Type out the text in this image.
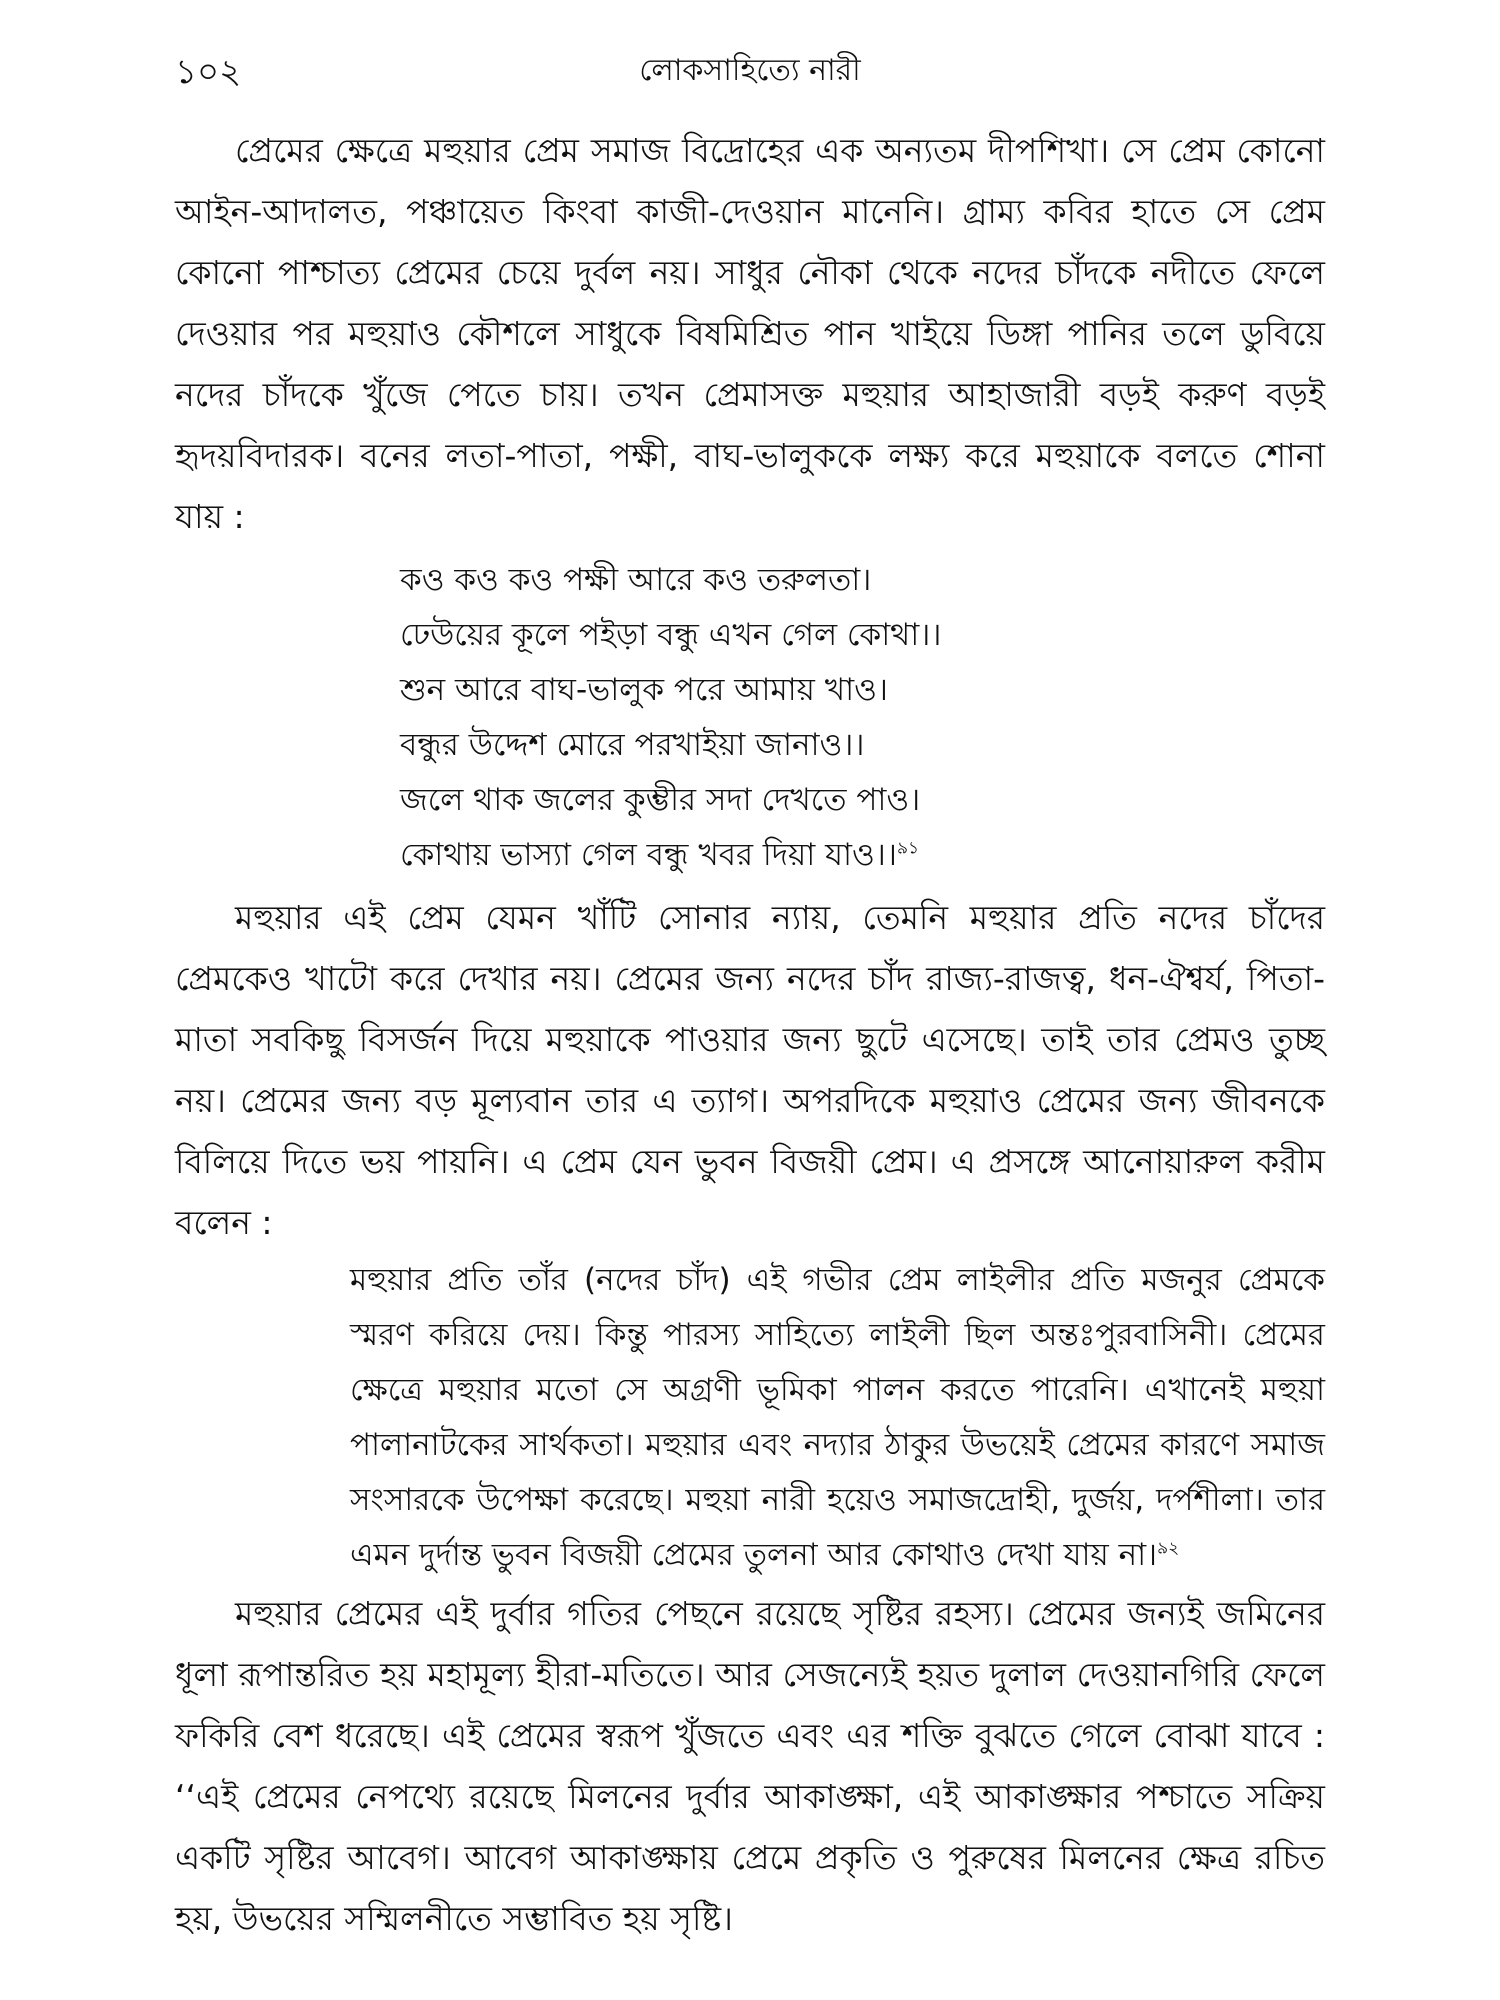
১০২	লোকসাহিত্যে নারী

প্রেমের ক্ষেত্রে মহুয়ার প্রেম সমাজ বিদ্রোহের এক অন্যতম দীপশিখা। সে প্রেম কোনো আইন-আদালত, পঞ্চায়েত কিংবা কাজী-দেওয়ান মানেনি। গ্রাম্য কবির হাতে সে প্রেম কোনো পাশ্চাত্য প্রেমের চেয়ে দুর্বল নয়। সাধুর নৌকা থেকে নদের চাঁদকে নদীতে ফেলে দেওয়ার পর মহুয়াও কৌশলে সাধুকে বিষমিশ্রিত পান খাইয়ে ডিঙ্গা পানির তলে ডুবিয়ে নদের চাঁদকে খুঁজে পেতে চায়। তখন প্রেমাসক্ত মহুয়ার আহাজারী বড়ই করুণ বড়ই হৃদয়বিদারক। বনের লতা-পাতা, পক্ষী, বাঘ-ভালুককে লক্ষ্য করে মহুয়াকে বলতে শোনা যায় :

কও কও কও পক্ষী আরে কও তরুলতা।
ঢেউয়ের কূলে পইড়া বন্ধু এখন গেল কোথা।।
শুন আরে বাঘ-ভালুক পরে আমায় খাও।
বন্ধুর উদ্দেশ মোরে পরখাইয়া জানাও।।
জলে থাক জলের কুম্ভীর সদা দেখতে পাও।
কোথায় ভাস্যা গেল বন্ধু খবর দিয়া যাও।।$^{৯১}$

মহুয়ার এই প্রেম যেমন খাঁটি সোনার ন্যায়, তেমনি মহুয়ার প্রতি নদের চাঁদের প্রেমকেও খাটো করে দেখার নয়। প্রেমের জন্য নদের চাঁদ রাজ্য-রাজত্ব, ধন-ঐশ্বর্য, পিতা-মাতা সবকিছু বিসর্জন দিয়ে মহুয়াকে পাওয়ার জন্য ছুটে এসেছে। তাই তার প্রেমও তুচ্ছ নয়। প্রেমের জন্য বড় মূল্যবান তার এ ত্যাগ। অপরদিকে মহুয়াও প্রেমের জন্য জীবনকে বিলিয়ে দিতে ভয় পায়নি। এ প্রেম যেন ভুবন বিজয়ী প্রেম। এ প্রসঙ্গে আনোয়ারুল করীম বলেন :

মহুয়ার প্রতি তাঁর (নদের চাঁদ) এই গভীর প্রেম লাইলীর প্রতি মজনুর প্রেমকে স্মরণ করিয়ে দেয়। কিন্তু পারস্য সাহিত্যে লাইলী ছিল অন্তঃপুরবাসিনী। প্রেমের ক্ষেত্রে মহুয়ার মতো সে অগ্রণী ভূমিকা পালন করতে পারেনি। এখানেই মহুয়া পালানাটকের সার্থকতা। মহুয়ার এবং নদ্যার ঠাকুর উভয়েই প্রেমের কারণে সমাজ সংসারকে উপেক্ষা করেছে। মহুয়া নারী হয়েও সমাজদ্রোহী, দুর্জয়, দর্পশীলা। তার এমন দুর্দান্ত ভুবন বিজয়ী প্রেমের তুলনা আর কোথাও দেখা যায় না।$^{৯২}$

মহুয়ার প্রেমের এই দুর্বার গতির পেছনে রয়েছে সৃষ্টির রহস্য। প্রেমের জন্যই জমিনের ধূলা রূপান্তরিত হয় মহামূল্য হীরা-মতিতে। আর সেজন্যেই হয়ত দুলাল দেওয়ানগিরি ফেলে ফকিরি বেশ ধরেছে। এই প্রেমের স্বরূপ খুঁজতে এবং এর শক্তি বুঝতে গেলে বোঝা যাবে : ‘‘এই প্রেমের নেপথ্যে রয়েছে মিলনের দুর্বার আকাঙ্ক্ষা, এই আকাঙ্ক্ষার পশ্চাতে সক্রিয় একটি সৃষ্টির আবেগ। আবেগ আকাঙ্ক্ষায় প্রেমে প্রকৃতি ও পুরুষের মিলনের ক্ষেত্র রচিত হয়, উভয়ের সম্মিলনীতে সম্ভাবিত হয় সৃষ্টি।
